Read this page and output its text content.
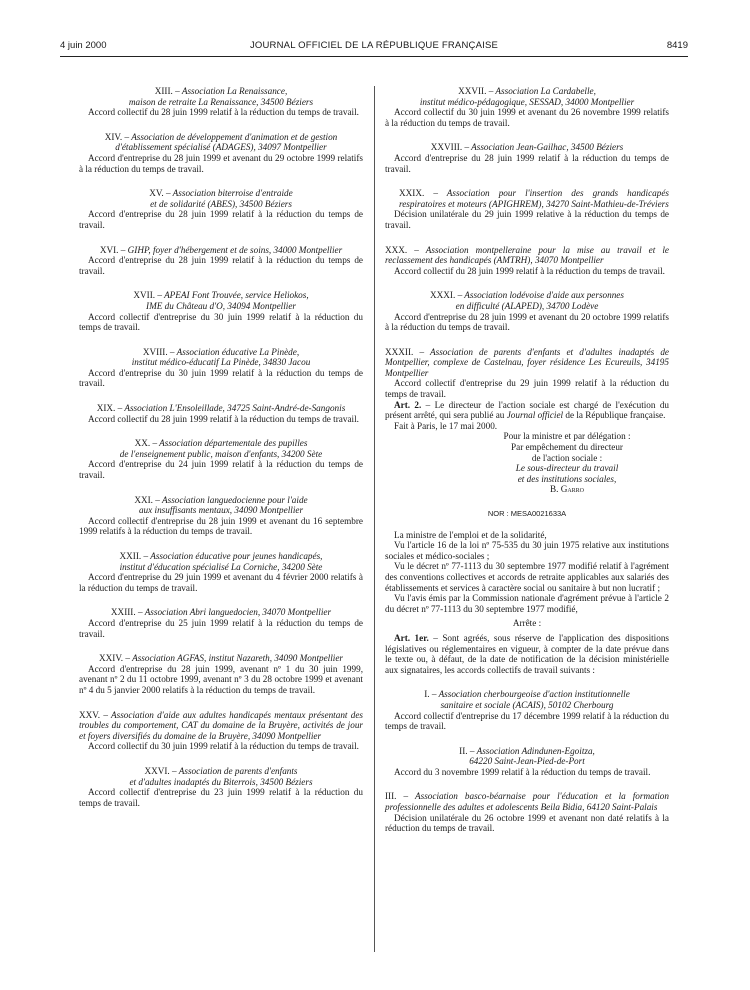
4 juin 2000	JOURNAL OFFICIEL DE LA RÉPUBLIQUE FRANÇAISE	8419

XIII. – Association La Renaissance,

maison de retraite La Renaissance, 34500 Béziers

Accord collectif du 28 juin 1999 relatif à la réduction du temps de travail.

XIV. – Association de développement d'animation et de gestion

d'établissement spécialisé (ADAGES), 34097 Montpellier

Accord d'entreprise du 28 juin 1999 et avenant du 29 octobre 1999 relatifs à la réduction du temps de travail.

XV. – Association biterroise d'entraide

et de solidarité (ABES), 34500 Béziers

Accord d'entreprise du 28 juin 1999 relatif à la réduction du temps de travail.

XVI. – GIHP, foyer d'hébergement et de soins, 34000 Montpellier

Accord d'entreprise du 28 juin 1999 relatif à la réduction du temps de travail.

XVII. – APEAI Font Trouvée, service Heliokos,

IME du Château d'O, 34094 Montpellier

Accord collectif d'entreprise du 30 juin 1999 relatif à la réduction du temps de travail.

XVIII. – Association éducative La Pinède,

institut médico-éducatif La Pinède, 34830 Jacou

Accord d'entreprise du 30 juin 1999 relatif à la réduction du temps de travail.

XIX. – Association L'Ensoleillade, 34725 Saint-André-de-Sangonis

Accord collectif du 28 juin 1999 relatif à la réduction du temps de travail.

XX. – Association départementale des pupilles

de l'enseignement public, maison d'enfants, 34200 Sète

Accord d'entreprise du 24 juin 1999 relatif à la réduction du temps de travail.

XXI. – Association languedocienne pour l'aide

aux insuffisants mentaux, 34090 Montpellier

Accord collectif d'entreprise du 28 juin 1999 et avenant du 16 septembre 1999 relatifs à la réduction du temps de travail.

XXII. – Association éducative pour jeunes handicapés,

institut d'éducation spécialisé La Corniche, 34200 Sète

Accord d'entreprise du 29 juin 1999 et avenant du 4 février 2000 relatifs à la réduction du temps de travail.

XXIII. – Association Abri languedocien, 34070 Montpellier

Accord d'entreprise du 25 juin 1999 relatif à la réduction du temps de travail.

XXIV. – Association AGFAS, institut Nazareth, 34090 Montpellier

Accord d'entreprise du 28 juin 1999, avenant nº 1 du 30 juin 1999, avenant nº 2 du 11 octobre 1999, avenant nº 3 du 28 octobre 1999 et avenant nº 4 du 5 janvier 2000 relatifs à la réduction du temps de travail.

XXV. – Association d'aide aux adultes handicapés mentaux présentant des troubles du comportement, CAT du domaine de la Bruyère, activités de jour et foyers diversifiés du domaine de la Bruyère, 34090 Montpellier

Accord collectif du 30 juin 1999 relatif à la réduction du temps de travail.

XXVI. – Association de parents d'enfants

et d'adultes inadaptés du Biterrois, 34500 Béziers

Accord collectif d'entreprise du 23 juin 1999 relatif à la réduction du temps de travail.

XXVII. – Association La Cardabelle,

institut médico-pédagogique, SESSAD, 34000 Montpellier

Accord collectif du 30 juin 1999 et avenant du 26 novembre 1999 relatifs à la réduction du temps de travail.

XXVIII. – Association Jean-Gailhac, 34500 Béziers

Accord d'entreprise du 28 juin 1999 relatif à la réduction du temps de travail.

XXIX. – Association pour l'insertion des grands handicapés respiratoires et moteurs (APIGHREM), 34270 Saint-Mathieu-de-Tréviers

Décision unilatérale du 29 juin 1999 relative à la réduction du temps de travail.

XXX. – Association montpelleraine pour la mise au travail et le reclassement des handicapés (AMTRH), 34070 Montpellier

Accord collectif du 28 juin 1999 relatif à la réduction du temps de travail.

XXXI. – Association lodévoise d'aide aux personnes

en difficulté (ALAPED), 34700 Lodève

Accord d'entreprise du 28 juin 1999 et avenant du 20 octobre 1999 relatifs à la réduction du temps de travail.

XXXII. – Association de parents d'enfants et d'adultes inadaptés de Montpellier, complexe de Castelnau, foyer résidence Les Ecureuils, 34195 Montpellier

Accord collectif d'entreprise du 29 juin 1999 relatif à la réduction du temps de travail.

Art. 2. – Le directeur de l'action sociale est chargé de l'exécution du présent arrêté, qui sera publié au Journal officiel de la République française.

Fait à Paris, le 17 mai 2000.

Pour la ministre et par délégation :

Par empêchement du directeur

de l'action sociale :

Le sous-directeur du travail

et des institutions sociales,

B. Garro

NOR : MESA0021633A

La ministre de l'emploi et de la solidarité,

Vu l'article 16 de la loi nº 75-535 du 30 juin 1975 relative aux institutions sociales et médico-sociales ;

Vu le décret nº 77-1113 du 30 septembre 1977 modifié relatif à l'agrément des conventions collectives et accords de retraite applicables aux salariés des établissements et services à caractère social ou sanitaire à but non lucratif ;

Vu l'avis émis par la Commission nationale d'agrément prévue à l'article 2 du décret nº 77-1113 du 30 septembre 1977 modifié,

Arrête :

Art. 1er. – Sont agréés, sous réserve de l'application des dispositions législatives ou réglementaires en vigueur, à compter de la date prévue dans le texte ou, à défaut, de la date de notification de la décision ministérielle aux signataires, les accords collectifs de travail suivants :

I. – Association cherbourgeoise d'action institutionnelle

sanitaire et sociale (ACAIS), 50102 Cherbourg

Accord collectif d'entreprise du 17 décembre 1999 relatif à la réduction du temps de travail.

II. – Association Adindunen-Egoitza,

64220 Saint-Jean-Pied-de-Port

Accord du 3 novembre 1999 relatif à la réduction du temps de travail.

III. – Association basco-béarnaise pour l'éducation et la formation professionnelle des adultes et adolescents Beila Bidia, 64120 Saint-Palais

Décision unilatérale du 26 octobre 1999 et avenant non daté relatifs à la réduction du temps de travail.
